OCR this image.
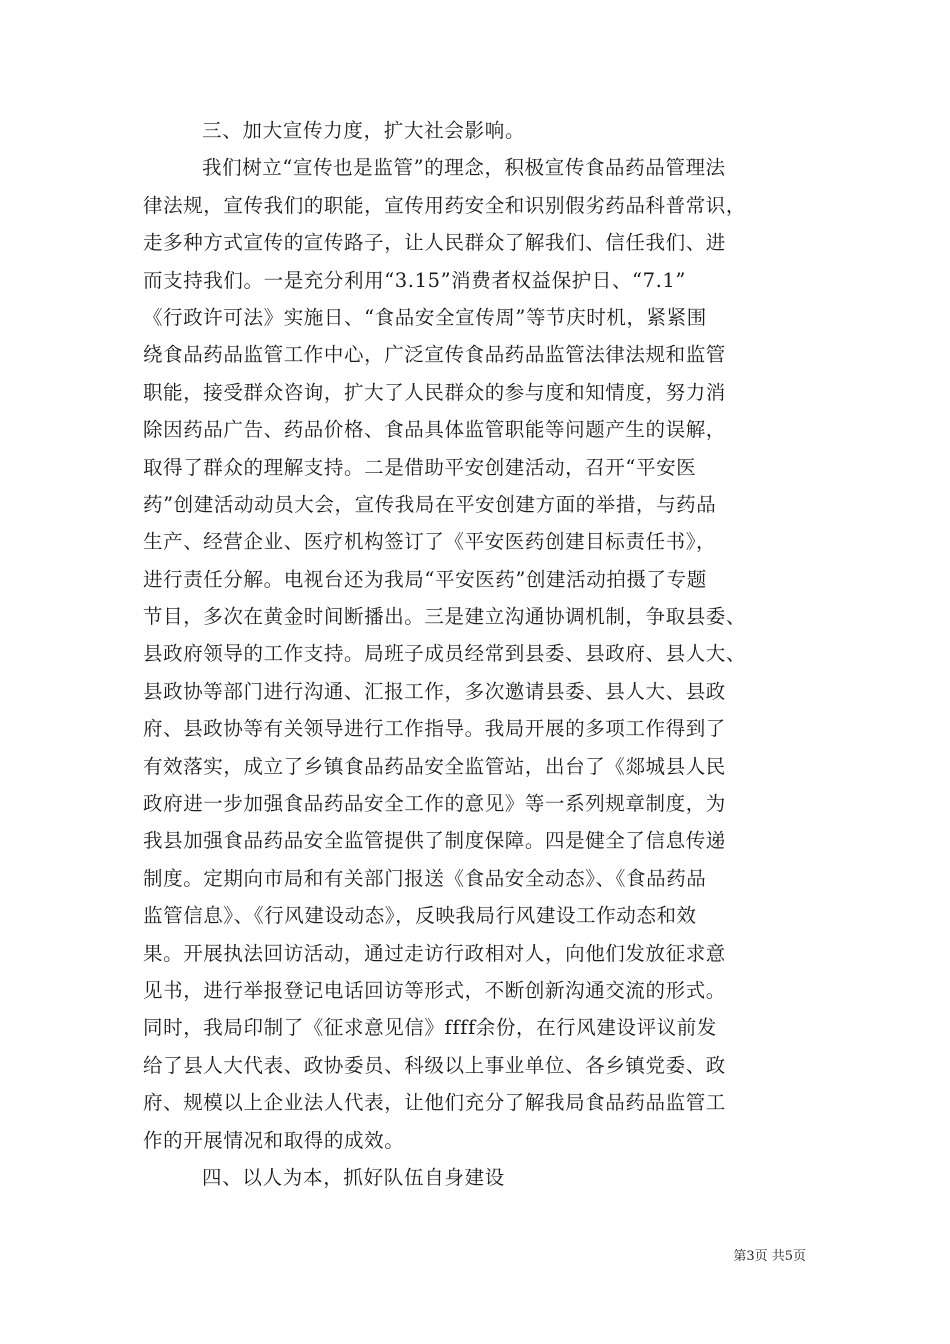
三、加大宣传力度，扩大社会影响。
我们树立“宣传也是监管”的理念，积极宣传食品药品管理法
律法规，宣传我们的职能，宣传用药安全和识别假劣药品科普常识，
走多种方式宣传的宣传路子，让人民群众了解我们、信任我们、进
而支持我们。一是充分利用“3.15”消费者权益保护日、“7.1”
《行政许可法》实施日、“食品安全宣传周”等节庆时机，紧紧围
绕食品药品监管工作中心，广泛宣传食品药品监管法律法规和监管
职能，接受群众咨询，扩大了人民群众的参与度和知情度，努力消
除因药品广告、药品价格、食品具体监管职能等问题产生的误解，
取得了群众的理解支持。二是借助平安创建活动，召开“平安医
药”创建活动动员大会，宣传我局在平安创建方面的举措，与药品
生产、经营企业、医疗机构签订了《平安医药创建目标责任书》，
进行责任分解。电视台还为我局“平安医药”创建活动拍摄了专题
节目，多次在黄金时间断播出。三是建立沟通协调机制，争取县委、
县政府领导的工作支持。局班子成员经常到县委、县政府、县人大、
县政协等部门进行沟通、汇报工作，多次邀请县委、县人大、县政
府、县政协等有关领导进行工作指导。我局开展的多项工作得到了
有效落实，成立了乡镇食品药品安全监管站，出台了《郯城县人民
政府进一步加强食品药品安全工作的意见》等一系列规章制度，为
我县加强食品药品安全监管提供了制度保障。四是健全了信息传递
制度。定期向市局和有关部门报送《食品安全动态》、《食品药品
监管信息》、《行风建设动态》，反映我局行风建设工作动态和效
果。开展执法回访活动，通过走访行政相对人，向他们发放征求意
见书，进行举报登记电话回访等形式，不断创新沟通交流的形式。
同时，我局印制了《征求意见信》ffff余份，在行风建设评议前发
给了县人大代表、政协委员、科级以上事业单位、各乡镇党委、政
府、规模以上企业法人代表，让他们充分了解我局食品药品监管工
作的开展情况和取得的成效。
四、以人为本，抓好队伍自身建设
第3页 共5页
